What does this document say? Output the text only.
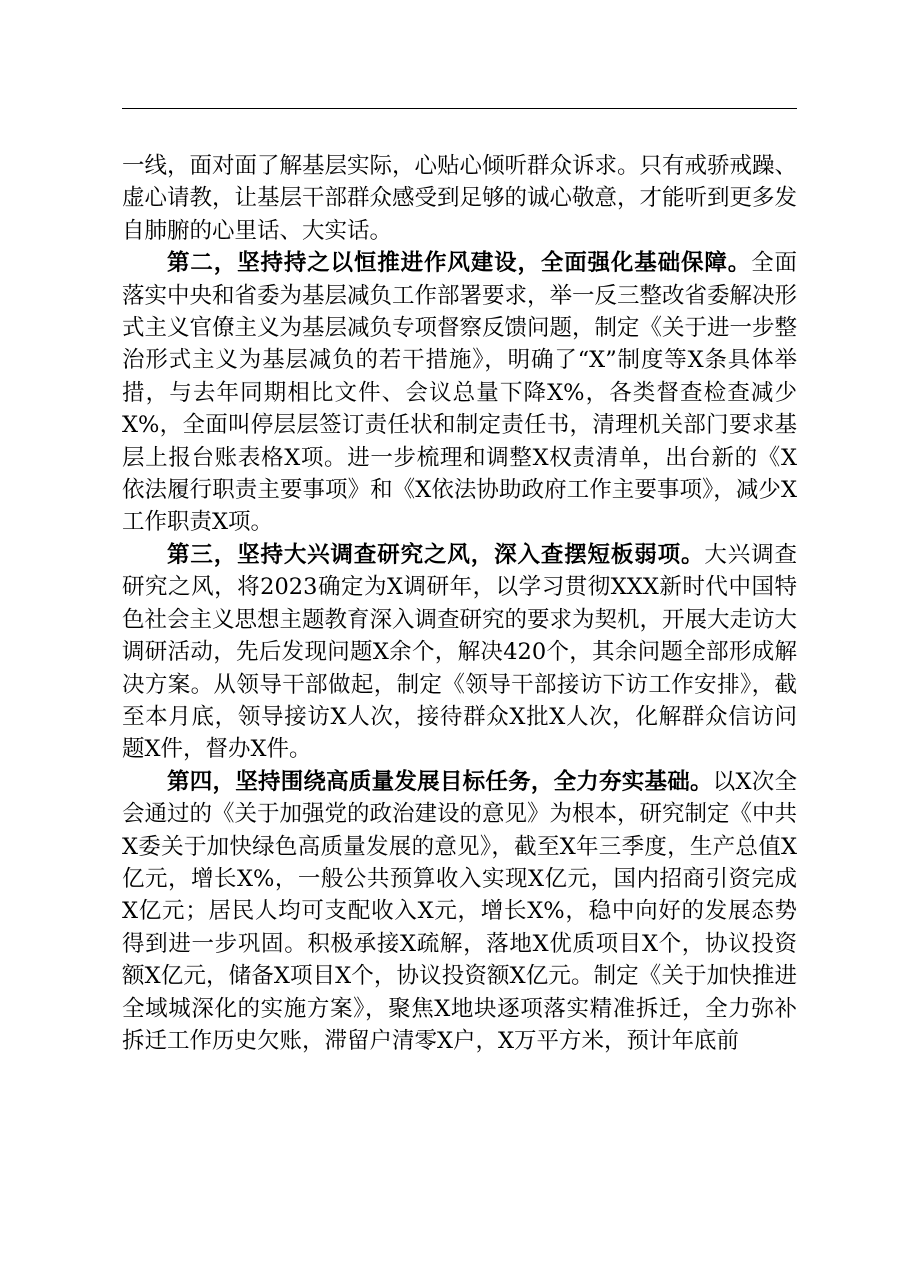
一线，面对面了解基层实际，心贴心倾听群众诉求。只有戒骄戒躁、虚心请教，让基层干部群众感受到足够的诚心敬意，才能听到更多发自肺腑的心里话、大实话。

第二，坚持持之以恒推进作风建设，全面强化基础保障。全面落实中央和省委为基层减负工作部署要求，举一反三整改省委解决形式主义官僚主义为基层减负专项督察反馈问题，制定《关于进一步整治形式主义为基层减负的若干措施》，明确了“X”制度等X条具体举措，与去年同期相比文件、会议总量下降X%，各类督查检查减少X%，全面叫停层层签订责任状和制定责任书，清理机关部门要求基层上报台账表格X项。进一步梳理和调整X权责清单，出台新的《X依法履行职责主要事项》和《X依法协助政府工作主要事项》，减少X工作职责X项。

第三，坚持大兴调查研究之风，深入查摆短板弱项。大兴调查研究之风，将2023确定为X调研年，以学习贯彻XXX新时代中国特色社会主义思想主题教育深入调查研究的要求为契机，开展大走访大调研活动，先后发现问题X余个，解决420个，其余问题全部形成解决方案。从领导干部做起，制定《领导干部接访下访工作安排》，截至本月底，领导接访X人次，接待群众X批X人次，化解群众信访问题X件，督办X件。

第四，坚持围绕高质量发展目标任务，全力夯实基础。以X次全会通过的《关于加强党的政治建设的意见》为根本，研究制定《中共X委关于加快绿色高质量发展的意见》，截至X年三季度，生产总值X亿元，增长X%，一般公共预算收入实现X亿元，国内招商引资完成X亿元；居民人均可支配收入X元，增长X%，稳中向好的发展态势得到进一步巩固。积极承接X疏解，落地X优质项目X个，协议投资额X亿元，储备X项目X个，协议投资额X亿元。制定《关于加快推进全域城深化的实施方案》，聚焦X地块逐项落实精准拆迁，全力弥补拆迁工作历史欠账，滞留户清零X户，X万平方米，预计年底前
